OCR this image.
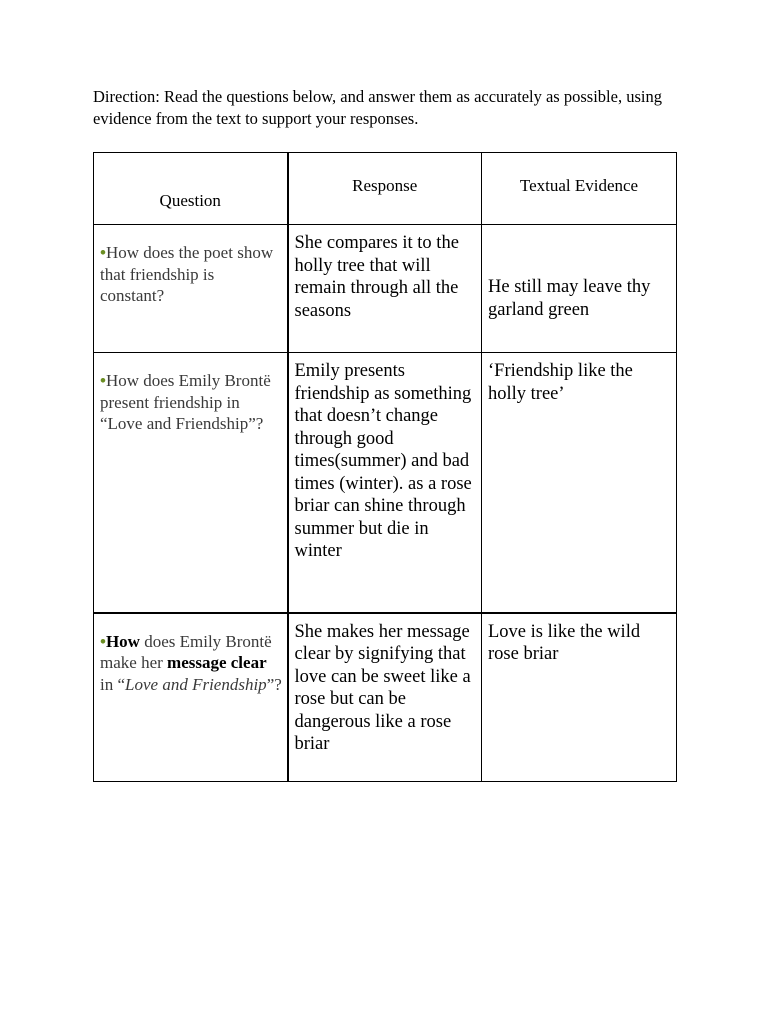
Direction: Read the questions below, and answer them as accurately as possible, using evidence from the text to support your responses.

Question	Response	Textual Evidence

•How does the poet show that friendship is constant?	She compares it to the holly tree that will remain through all the seasons	He still may leave thy garland green

•How does Emily Brontë present friendship in “Love and Friendship”?	Emily presents friendship as something that doesn’t change through good times(summer) and bad times (winter). as a rose briar can shine through summer but die in winter	‘Friendship like the holly tree’

•How does Emily Brontë make her message clear in “Love and Friendship”?	She makes her message clear by signifying that love can be sweet like a rose but can be dangerous like a rose briar	Love is like the wild rose briar
